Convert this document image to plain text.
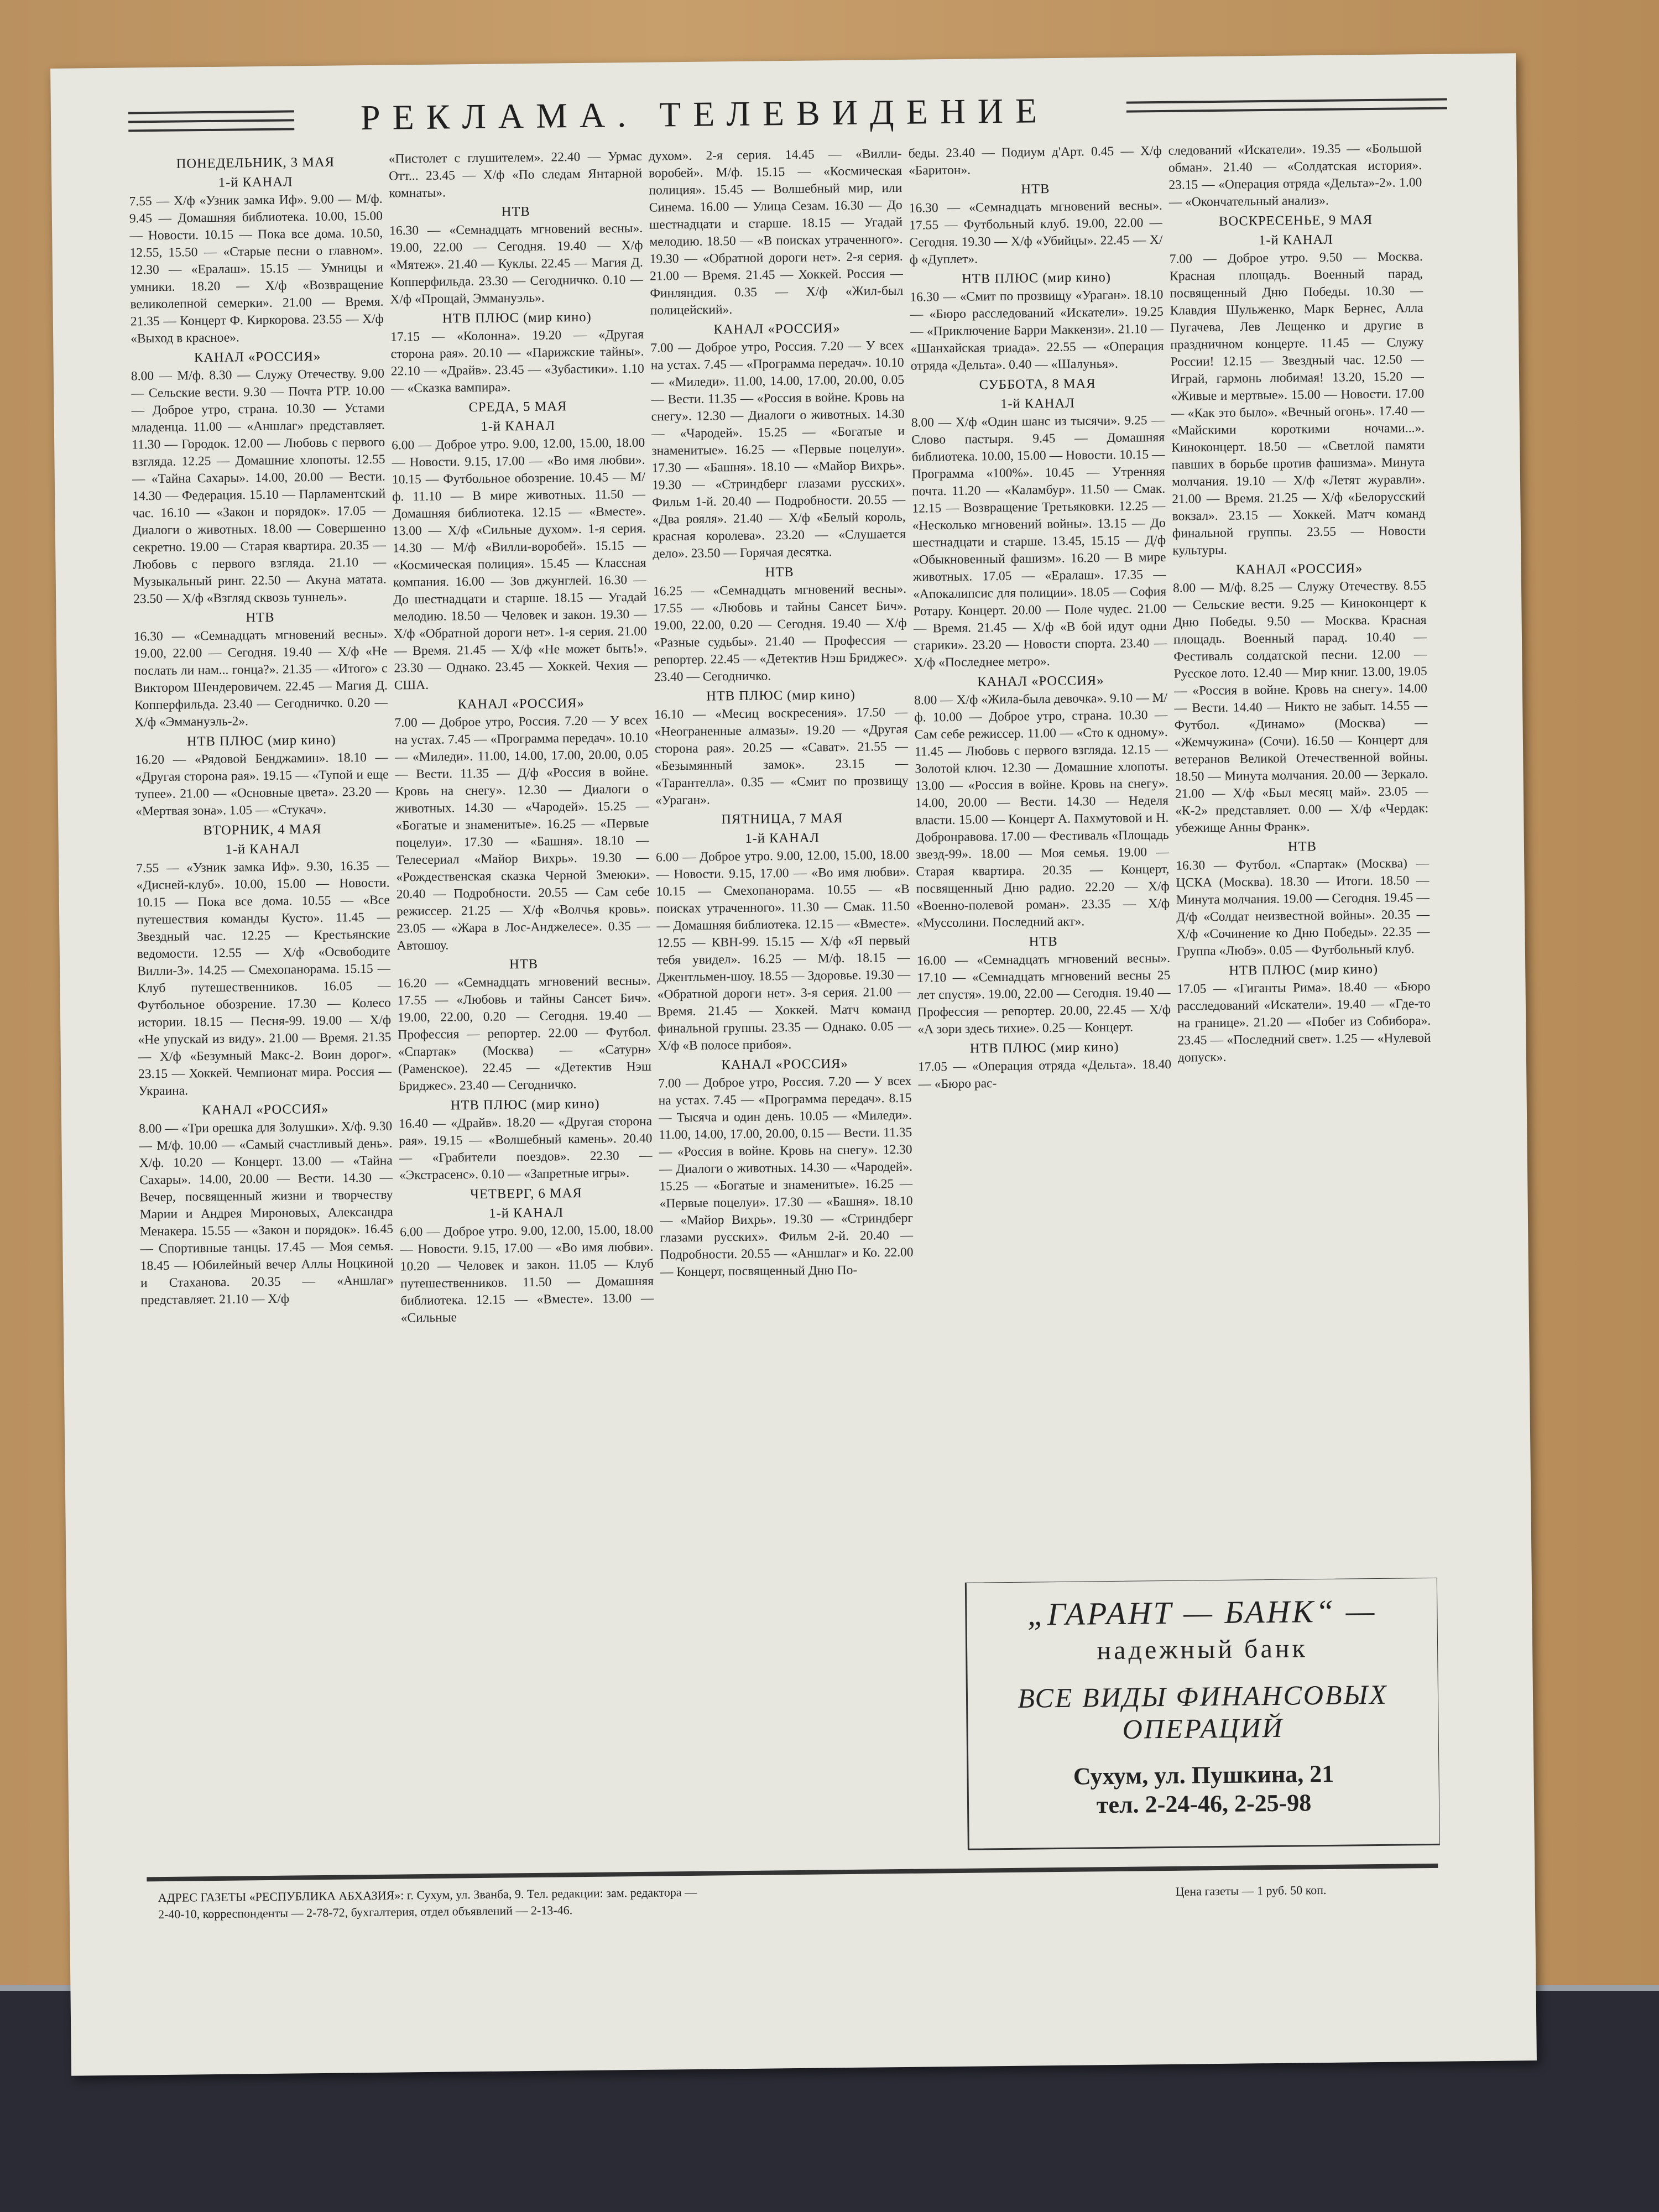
РЕКЛАМА. ТЕЛЕВИДЕНИЕ
ПОНЕДЕЛЬНИК, 3 МАЯ
1-й КАНАЛ

7.55 — Х/ф «Узник замка Иф». 9.00 — М/ф. 9.45 — Домашняя библиотека. 10.00, 15.00 — Новости. 10.15 — Пока все дома. 10.50, 12.55, 15.50 — «Старые песни о главном». 12.30 — «Ералаш». 15.15 — Умницы и умники. 18.20 — Х/ф «Возвращение великолепной семерки». 21.00 — Время. 21.35 — Концерт Ф. Киркорова. 23.55 — Х/ф «Выход в красное».

КАНАЛ «РОССИЯ»

8.00 — М/ф. 8.30 — Служу Отечеству. 9.00 — Сельские вести. 9.30 — Почта РТР. 10.00 — Доброе утро, страна. 10.30 — Устами младенца. 11.00 — «Аншлаг» представляет. 11.30 — Городок. 12.00 — Любовь с первого взгляда. 12.25 — Домашние хлопоты. 12.55 — «Тайна Сахары». 14.00, 20.00 — Вести. 14.30 — Федерация. 15.10 — Парламентский час. 16.10 — «Закон и порядок». 17.05 — Диалоги о животных. 18.00 — Совершенно секретно. 19.00 — Старая квартира. 20.35 — Любовь с первого взгляда. 21.10 — Музыкальный ринг. 22.50 — Акуна матата. 23.50 — Х/ф «Взгляд сквозь туннель».

НТВ

16.30 — «Семнадцать мгновений весны». 19.00, 22.00 — Сегодня. 19.40 — Х/ф «Не послать ли нам... гонца?». 21.35 — «Итого» с Виктором Шендеровичем. 22.45 — Магия Д. Копперфильда. 23.40 — Сегодничко. 0.20 — Х/ф «Эммануэль-2».

НТВ ПЛЮС (мир кино)

16.20 — «Рядовой Бенджамин». 18.10 — «Другая сторона рая». 19.15 — «Тупой и еще тупее». 21.00 — «Основные цвета». 23.20 — «Мертвая зона». 1.05 — «Стукач».

ВТОРНИК, 4 МАЯ
1-й КАНАЛ

7.55 — «Узник замка Иф». 9.30, 16.35 — «Дисней-клуб». 10.00, 15.00 — Новости. 10.15 — Пока все дома. 10.55 — «Все путешествия команды Кусто». 11.45 — Звездный час. 12.25 — Крестьянские ведомости. 12.55 — Х/ф «Освободите Вилли-3». 14.25 — Смехопанорама. 15.15 — Клуб путешественников. 16.05 — Футбольное обозрение. 17.30 — Колесо истории. 18.15 — Песня-99. 19.00 — Х/ф «Не упускай из виду». 21.00 — Время. 21.35 — Х/ф «Безумный Макс-2. Воин дорог». 23.15 — Хоккей. Чемпионат мира. Россия — Украина.

КАНАЛ «РОССИЯ»

8.00 — «Три орешка для Золушки». Х/ф. 9.30 — М/ф. 10.00 — «Самый счастливый день». Х/ф. 10.20 — Концерт. 13.00 — «Тайна Сахары». 14.00, 20.00 — Вести. 14.30 — Вечер, посвященный жизни и творчеству Марии и Андрея Мироновых, Александра Менакера. 15.55 — «Закон и порядок». 16.45 — Спортивные танцы. 17.45 — Моя семья. 18.45 — Юбилейный вечер Аллы Ноцкиной и Стаханова. 20.35 — «Аншлаг» представляет. 21.10 — Х/ф

«Пистолет с глушителем». 22.40 — Урмас Отт... 23.45 — Х/ф «По следам Янтарной комнаты».

НТВ

16.30 — «Семнадцать мгновений весны». 19.00, 22.00 — Сегодня. 19.40 — Х/ф «Мятеж». 21.40 — Куклы. 22.45 — Магия Д. Копперфильда. 23.30 — Сегодничко. 0.10 — Х/ф «Прощай, Эммануэль».

НТВ ПЛЮС (мир кино)

17.15 — «Колонна». 19.20 — «Другая сторона рая». 20.10 — «Парижские тайны». 22.10 — «Драйв». 23.45 — «Зубастики». 1.10 — «Сказка вампира».

СРЕДА, 5 МАЯ
1-й КАНАЛ

6.00 — Доброе утро. 9.00, 12.00, 15.00, 18.00 — Новости. 9.15, 17.00 — «Во имя любви». 10.15 — Футбольное обозрение. 10.45 — М/ф. 11.10 — В мире животных. 11.50 — Домашняя библиотека. 12.15 — «Вместе». 13.00 — Х/ф «Сильные духом». 1-я серия. 14.30 — М/ф «Вилли-воробей». 15.15 — «Космическая полиция». 15.45 — Классная компания. 16.00 — Зов джунглей. 16.30 — До шестнадцати и старше. 18.15 — Угадай мелодию. 18.50 — Человек и закон. 19.30 — Х/ф «Обратной дороги нет». 1-я серия. 21.00 — Время. 21.45 — Х/ф «Не может быть!». 23.30 — Однако. 23.45 — Хоккей. Чехия — США.

КАНАЛ «РОССИЯ»

7.00 — Доброе утро, Россия. 7.20 — У всех на устах. 7.45 — «Программа передач». 10.10 — «Миледи». 11.00, 14.00, 17.00, 20.00, 0.05 — Вести. 11.35 — Д/ф «Россия в войне. Кровь на снегу». 12.30 — Диалоги о животных. 14.30 — «Чародей». 15.25 — «Богатые и знаменитые». 16.25 — «Первые поцелуи». 17.30 — «Башня». 18.10 — Телесериал «Майор Вихрь». 19.30 — «Рождественская сказка Черной Змеюки». 20.40 — Подробности. 20.55 — Сам себе режиссер. 21.25 — Х/ф «Волчья кровь». 23.05 — «Жара в Лос-Анджелесе». 0.35 — Автошоу.

НТВ

16.20 — «Семнадцать мгновений весны». 17.55 — «Любовь и тайны Сансет Бич». 19.00, 22.00, 0.20 — Сегодня. 19.40 — Профессия — репортер. 22.00 — Футбол. «Спартак» (Москва) — «Сатурн» (Раменское). 22.45 — «Детектив Нэш Бриджес». 23.40 — Сегодничко.

НТВ ПЛЮС (мир кино)

16.40 — «Драйв». 18.20 — «Другая сторона рая». 19.15 — «Волшебный камень». 20.40 — «Грабители поездов». 22.30 — «Экстрасенс». 0.10 — «Запретные игры».

ЧЕТВЕРГ, 6 МАЯ
1-й КАНАЛ

6.00 — Доброе утро. 9.00, 12.00, 15.00, 18.00 — Новости. 9.15, 17.00 — «Во имя любви». 10.20 — Человек и закон. 11.05 — Клуб путешественников. 11.50 — Домашняя библиотека. 12.15 — «Вместе». 13.00 — «Сильные

духом». 2-я серия. 14.45 — «Вилли-воробей». М/ф. 15.15 — «Космическая полиция». 15.45 — Волшебный мир, или Синема. 16.00 — Улица Сезам. 16.30 — До шестнадцати и старше. 18.15 — Угадай мелодию. 18.50 — «В поисках утраченного». 19.30 — «Обратной дороги нет». 2-я серия. 21.00 — Время. 21.45 — Хоккей. Россия — Финляндия. 0.35 — Х/ф «Жил-был полицейский».

КАНАЛ «РОССИЯ»

7.00 — Доброе утро, Россия. 7.20 — У всех на устах. 7.45 — «Программа передач». 10.10 — «Миледи». 11.00, 14.00, 17.00, 20.00, 0.05 — Вести. 11.35 — «Россия в войне. Кровь на снегу». 12.30 — Диалоги о животных. 14.30 — «Чародей». 15.25 — «Богатые и знаменитые». 16.25 — «Первые поцелуи». 17.30 — «Башня». 18.10 — «Майор Вихрь». 19.30 — «Стриндберг глазами русских». Фильм 1-й. 20.40 — Подробности. 20.55 — «Два рояля». 21.40 — Х/ф «Белый король, красная королева». 23.20 — «Слушается дело». 23.50 — Горячая десятка.

НТВ

16.25 — «Семнадцать мгновений весны». 17.55 — «Любовь и тайны Сансет Бич». 19.00, 22.00, 0.20 — Сегодня. 19.40 — Х/ф «Разные судьбы». 21.40 — Профессия — репортер. 22.45 — «Детектив Нэш Бриджес». 23.40 — Сегодничко.

НТВ ПЛЮС (мир кино)

16.10 — «Месиц воскресения». 17.50 — «Неограненные алмазы». 19.20 — «Другая сторона рая». 20.25 — «Сават». 21.55 — «Безымянный замок». 23.15 — «Тарантелла». 0.35 — «Смит по прозвищу «Ураган».

ПЯТНИЦА, 7 МАЯ
1-й КАНАЛ

6.00 — Доброе утро. 9.00, 12.00, 15.00, 18.00 — Новости. 9.15, 17.00 — «Во имя любви». 10.15 — Смехопанорама. 10.55 — «В поисках утраченного». 11.30 — Смак. 11.50 — Домашняя библиотека. 12.15 — «Вместе». 12.55 — КВН-99. 15.15 — Х/ф «Я первый тебя увидел». 16.25 — М/ф. 18.15 — Джентльмен-шоу. 18.55 — Здоровье. 19.30 — «Обратной дороги нет». 3-я серия. 21.00 — Время. 21.45 — Хоккей. Матч команд финальной группы. 23.35 — Однако. 0.05 — Х/ф «В полосе прибоя».

КАНАЛ «РОССИЯ»

7.00 — Доброе утро, Россия. 7.20 — У всех на устах. 7.45 — «Программа передач». 8.15 — Тысяча и один день. 10.05 — «Миледи». 11.00, 14.00, 17.00, 20.00, 0.15 — Вести. 11.35 — «Россия в войне. Кровь на снегу». 12.30 — Диалоги о животных. 14.30 — «Чародей». 15.25 — «Богатые и знаменитые». 16.25 — «Первые поцелуи». 17.30 — «Башня». 18.10 — «Майор Вихрь». 19.30 — «Стриндберг глазами русских». Фильм 2-й. 20.40 — Подробности. 20.55 — «Аншлаг» и Ко. 22.00 — Концерт, посвященный Дню По-

беды. 23.40 — Подиум д'Арт. 0.45 — Х/ф «Баритон».

НТВ

16.30 — «Семнадцать мгновений весны». 17.55 — Футбольный клуб. 19.00, 22.00 — Сегодня. 19.30 — Х/ф «Убийцы». 22.45 — Х/ф «Дуплет».

НТВ ПЛЮС (мир кино)

16.30 — «Смит по прозвищу «Ураган». 18.10 — «Бюро расследований «Искатели». 19.25 — «Приключение Барри Маккензи». 21.10 — «Шанхайская триада». 22.55 — «Операция отряда «Дельта». 0.40 — «Шалунья».

СУББОТА, 8 МАЯ
1-й КАНАЛ

8.00 — Х/ф «Один шанс из тысячи». 9.25 — Слово пастыря. 9.45 — Домашняя библиотека. 10.00, 15.00 — Новости. 10.15 — Программа «100%». 10.45 — Утренняя почта. 11.20 — «Каламбур». 11.50 — Смак. 12.15 — Возвращение Третьяковки. 12.25 — «Несколько мгновений войны». 13.15 — До шестнадцати и старше. 13.45, 15.15 — Д/ф «Обыкновенный фашизм». 16.20 — В мире животных. 17.05 — «Ералаш». 17.35 — «Апокалипсис для полиции». 18.05 — София Ротару. Концерт. 20.00 — Поле чудес. 21.00 — Время. 21.45 — Х/ф «В бой идут одни старики». 23.20 — Новости спорта. 23.40 — Х/ф «Последнее метро».

КАНАЛ «РОССИЯ»

8.00 — Х/ф «Жила-была девочка». 9.10 — М/ф. 10.00 — Доброе утро, страна. 10.30 — Сам себе режиссер. 11.00 — «Сто к одному». 11.45 — Любовь с первого взгляда. 12.15 — Золотой ключ. 12.30 — Домашние хлопоты. 13.00 — «Россия в войне. Кровь на снегу». 14.00, 20.00 — Вести. 14.30 — Неделя власти. 15.00 — Концерт А. Пахмутовой и Н. Добронравова. 17.00 — Фестиваль «Площадь звезд-99». 18.00 — Моя семья. 19.00 — Старая квартира. 20.35 — Концерт, посвященный Дню радио. 22.20 — Х/ф «Военно-полевой роман». 23.35 — Х/ф «Муссолини. Последний акт».

НТВ

16.00 — «Семнадцать мгновений весны». 17.10 — «Семнадцать мгновений весны 25 лет спустя». 19.00, 22.00 — Сегодня. 19.40 — Профессия — репортер. 20.00, 22.45 — Х/ф «А зори здесь тихие». 0.25 — Концерт.

НТВ ПЛЮС (мир кино)

17.05 — «Операция отряда «Дельта». 18.40 — «Бюро рас-

следований «Искатели». 19.35 — «Большой обман». 21.40 — «Солдатская история». 23.15 — «Операция отряда «Дельта»-2». 1.00 — «Окончательный анализ».

ВОСКРЕСЕНЬЕ, 9 МАЯ
1-й КАНАЛ

7.00 — Доброе утро. 9.50 — Москва. Красная площадь. Военный парад, посвященный Дню Победы. 10.30 — Клавдия Шульженко, Марк Бернес, Алла Пугачева, Лев Лещенко и другие в праздничном концерте. 11.45 — Служу России! 12.15 — Звездный час. 12.50 — Играй, гармонь любимая! 13.20, 15.20 — «Живые и мертвые». 15.00 — Новости. 17.00 — «Как это было». «Вечный огонь». 17.40 — «Майскими короткими ночами...». Киноконцерт. 18.50 — «Светлой памяти павших в борьбе против фашизма». Минута молчания. 19.10 — Х/ф «Летят журавли». 21.00 — Время. 21.25 — Х/ф «Белорусский вокзал». 23.15 — Хоккей. Матч команд финальной группы. 23.55 — Новости культуры.

КАНАЛ «РОССИЯ»

8.00 — М/ф. 8.25 — Служу Отечеству. 8.55 — Сельские вести. 9.25 — Киноконцерт к Дню Победы. 9.50 — Москва. Красная площадь. Военный парад. 10.40 — Фестиваль солдатской песни. 12.00 — Русское лото. 12.40 — Мир книг. 13.00, 19.05 — «Россия в войне. Кровь на снегу». 14.00 — Вести. 14.40 — Никто не забыт. 14.55 — Футбол. «Динамо» (Москва) — «Жемчужина» (Сочи). 16.50 — Концерт для ветеранов Великой Отечественной войны. 18.50 — Минута молчания. 20.00 — Зеркало. 21.00 — Х/ф «Был месяц май». 23.05 — «К-2» представляет. 0.00 — Х/ф «Чердак: убежище Анны Франк».

НТВ

16.30 — Футбол. «Спартак» (Москва) — ЦСКА (Москва). 18.30 — Итоги. 18.50 — Минута молчания. 19.00 — Сегодня. 19.45 — Д/ф «Солдат неизвестной войны». 20.35 — Х/ф «Сочинение ко Дню Победы». 22.35 — Группа «Любэ». 0.05 — Футбольный клуб.

НТВ ПЛЮС (мир кино)

17.05 — «Гиганты Рима». 18.40 — «Бюро расследований «Искатели». 19.40 — «Где-то на границе». 21.20 — «Побег из Собибора». 23.45 — «Последний свет». 1.25 — «Нулевой допуск».

„ГАРАНТ — БАНК“ —
надежный банк
ВСЕ ВИДЫ ФИНАНСОВЫХ
ОПЕРАЦИЙ
Сухум, ул. Пушкина, 21
тел. 2-24-46, 2-25-98
АДРЕС ГАЗЕТЫ «РЕСПУБЛИКА АБХАЗИЯ»: г. Сухум, ул. Званба, 9. Тел. редакции: зам. редактора —
2-40-10, корреспонденты — 2-78-72, бухгалтерия, отдел объявлений — 2-13-46.
Цена газеты — 1 руб. 50 коп.
